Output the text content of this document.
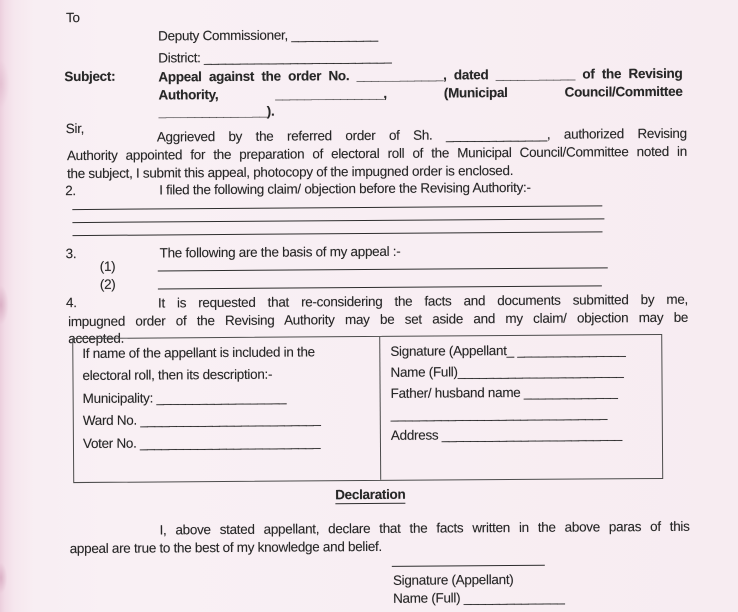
To
Deputy Commissioner, ____________
District: __________________________
Subject:	Appeal against the order No. ____________, dated ___________ of the Revising
Authority,	_______________,	(Municipal	Council/Committee
_______________).
Sir,	Aggrieved by the referred order of Sh. ______________, authorized Revising
Authority appointed for the preparation of electoral roll of the Municipal Council/Committee noted in
the subject, I submit this appeal, photocopy of the impugned order is enclosed.
2.	I filed the following claim/ objection before the Revising Authority:-
3.	The following are the basis of my appeal :-
(1)
(2)
4.	It is requested that re-considering the facts and documents submitted by me,
impugned order of the Revising Authority may be set aside and my claim/ objection may be
accepted.
If name of the appellant is included in the
electoral roll, then its description:-
Municipality: __________________
Ward No. _________________________
Voter No. _________________________
Signature (Appellant_ _______________
Name (Full)_______________________
Father/ husband name _____________
______________________________
Address _________________________
Declaration
I, above stated appellant, declare that the facts written in the above paras of this
appeal are true to the best of my knowledge and belief.
Signature (Appellant)
Name (Full) ______________
